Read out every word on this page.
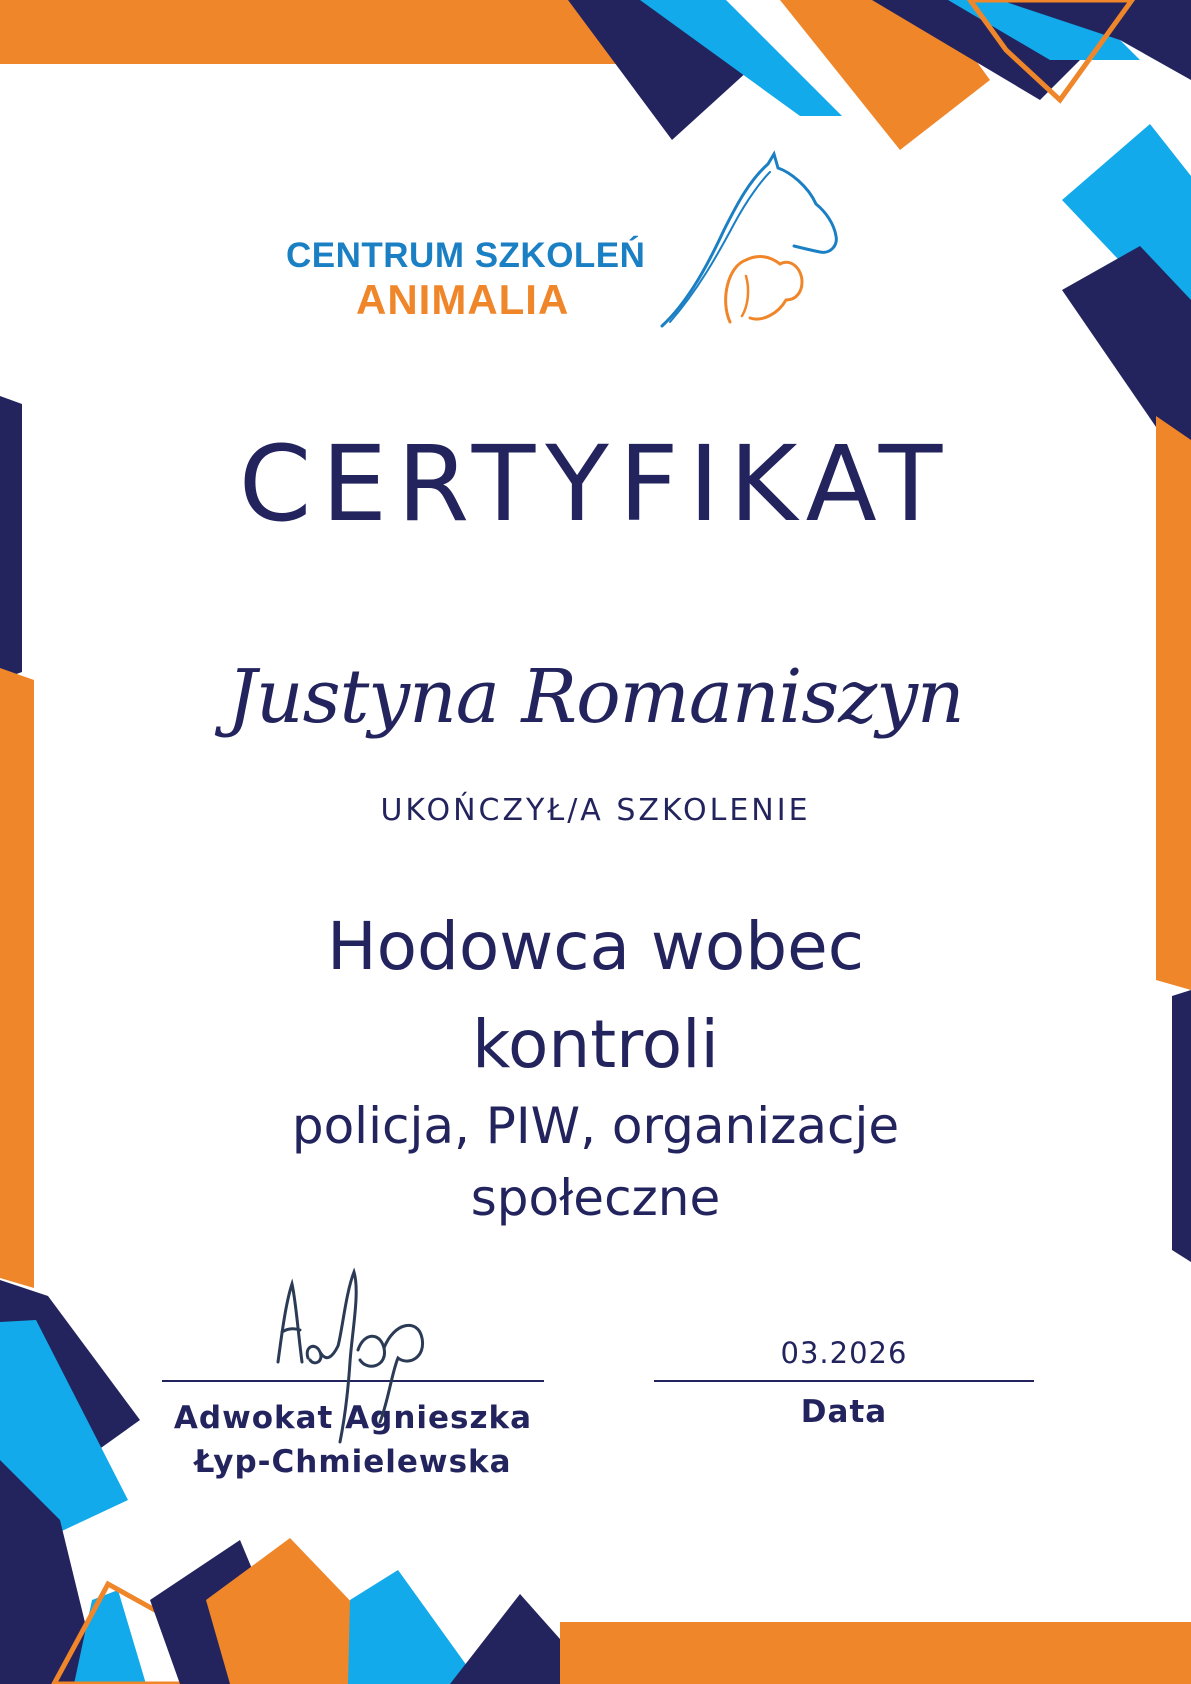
CENTRUM SZKOLEŃ
ANIMALIA
CERTYFIKAT
Justyna Romaniszyn
UKOŃCZYŁ/A SZKOLENIE
Hodowca wobec
kontroli
policja, PIW, organizacje
społeczne
Adwokat Agnieszka
Łyp-Chmielewska
03.2026
Data
